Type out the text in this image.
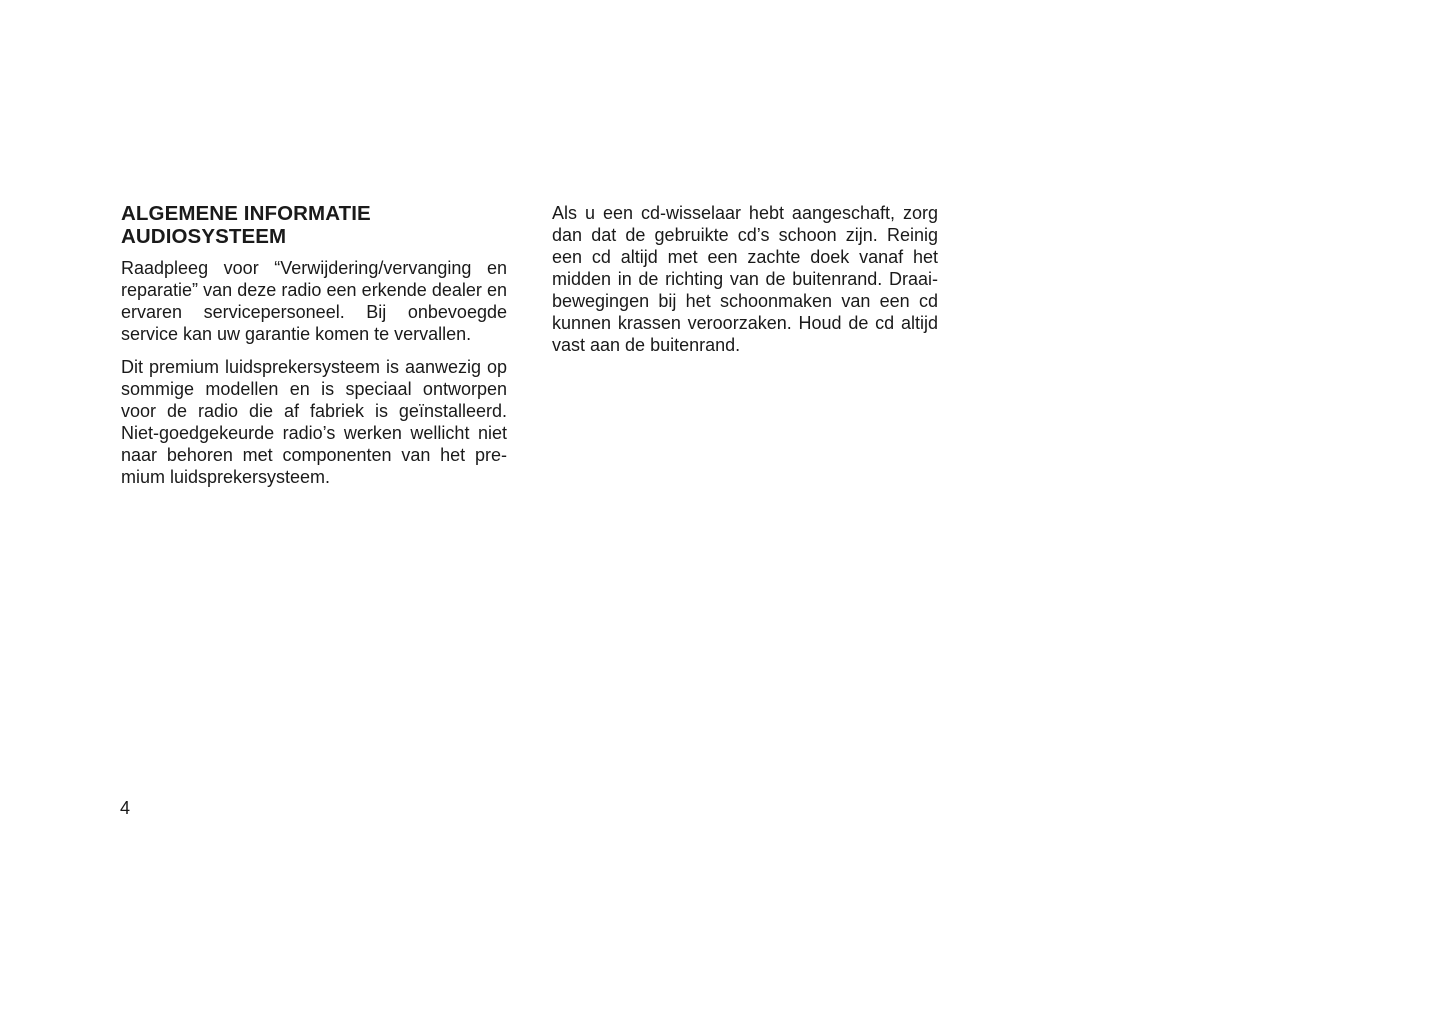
ALGEMENE INFORMATIE
AUDIOSYSTEEM

Raadpleeg voor “Verwijdering/vervanging en reparatie” van deze radio een erkende dealer en ervaren servicepersoneel. Bij onbevoegde service kan uw garantie komen te vervallen.

Dit premium luidsprekersysteem is aanwezig op sommige modellen en is speciaal ontworpen voor de radio die af fabriek is geïnstalleerd. Niet-goedgekeurde radio’s werken wellicht niet naar behoren met componenten van het premium luidsprekersysteem.

Als u een cd-wisselaar hebt aangeschaft, zorg dan dat de gebruikte cd’s schoon zijn. Reinig een cd altijd met een zachte doek vanaf het midden in de richting van de buitenrand. Draaibewegingen bij het schoonmaken van een cd kunnen krassen veroorzaken. Houd de cd altijd vast aan de buitenrand.

4
